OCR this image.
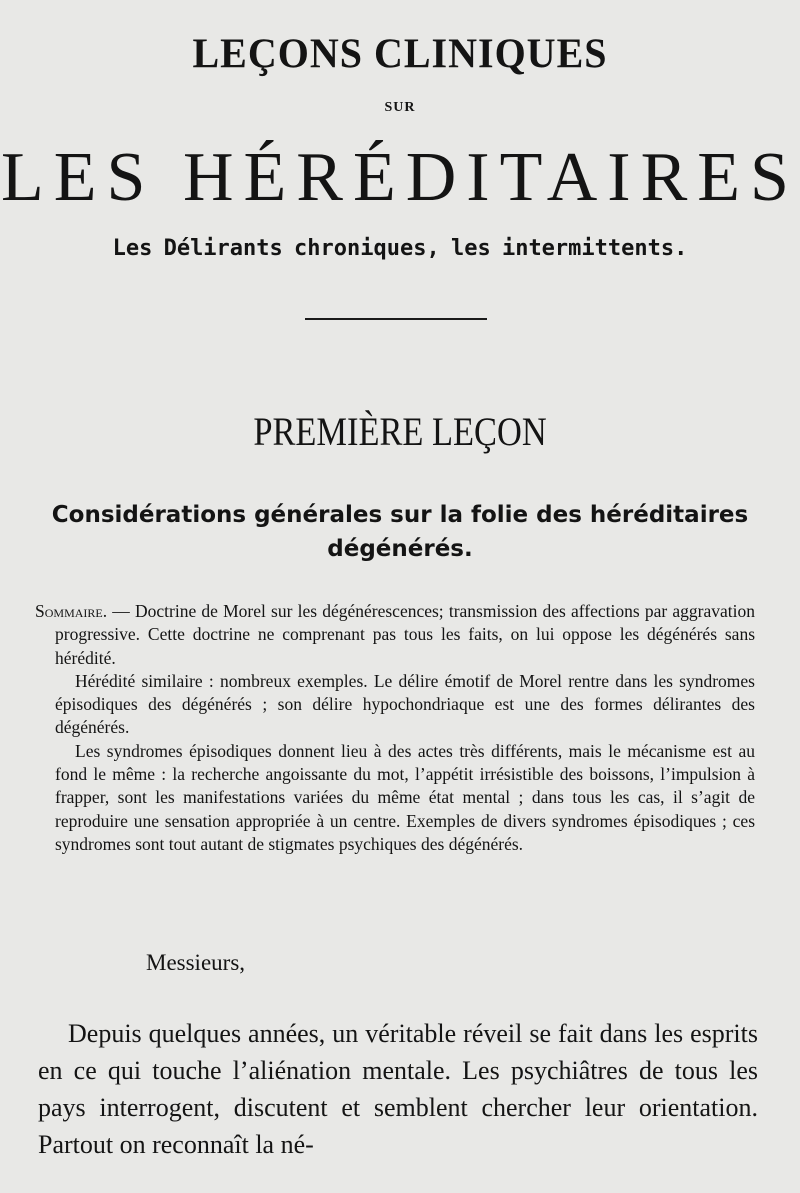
LEÇONS CLINIQUES
SUR
LES HÉRÉDITAIRES
Les Délirants chroniques, les intermittents.
PREMIÈRE LEÇON
Considérations générales sur la folie des héréditaires dégénérés.

Sommaire. — Doctrine de Morel sur les dégénérescences; transmission des affections par aggravation progressive. Cette doctrine ne comprenant pas tous les faits, on lui oppose les dégénérés sans hérédité.

Hérédité similaire : nombreux exemples. Le délire émotif de Morel rentre dans les syndromes épisodiques des dégénérés ; son délire hypochondriaque est une des formes délirantes des dégénérés.

Les syndromes épisodiques donnent lieu à des actes très différents, mais le mécanisme est au fond le même : la recherche angoissante du mot, l’appétit irrésistible des boissons, l’impulsion à frapper, sont les manifestations variées du même état mental ; dans tous les cas, il s’agit de reproduire une sensation appropriée à un centre. Exemples de divers syndromes épisodiques ; ces syndromes sont tout autant de stigmates psychiques des dégénérés.

Messieurs,

Depuis quelques années, un véritable réveil se fait dans les esprits en ce qui touche l’aliénation mentale. Les psychiâtres de tous les pays interrogent, discutent et semblent chercher leur orientation. Partout on reconnaît la né-
